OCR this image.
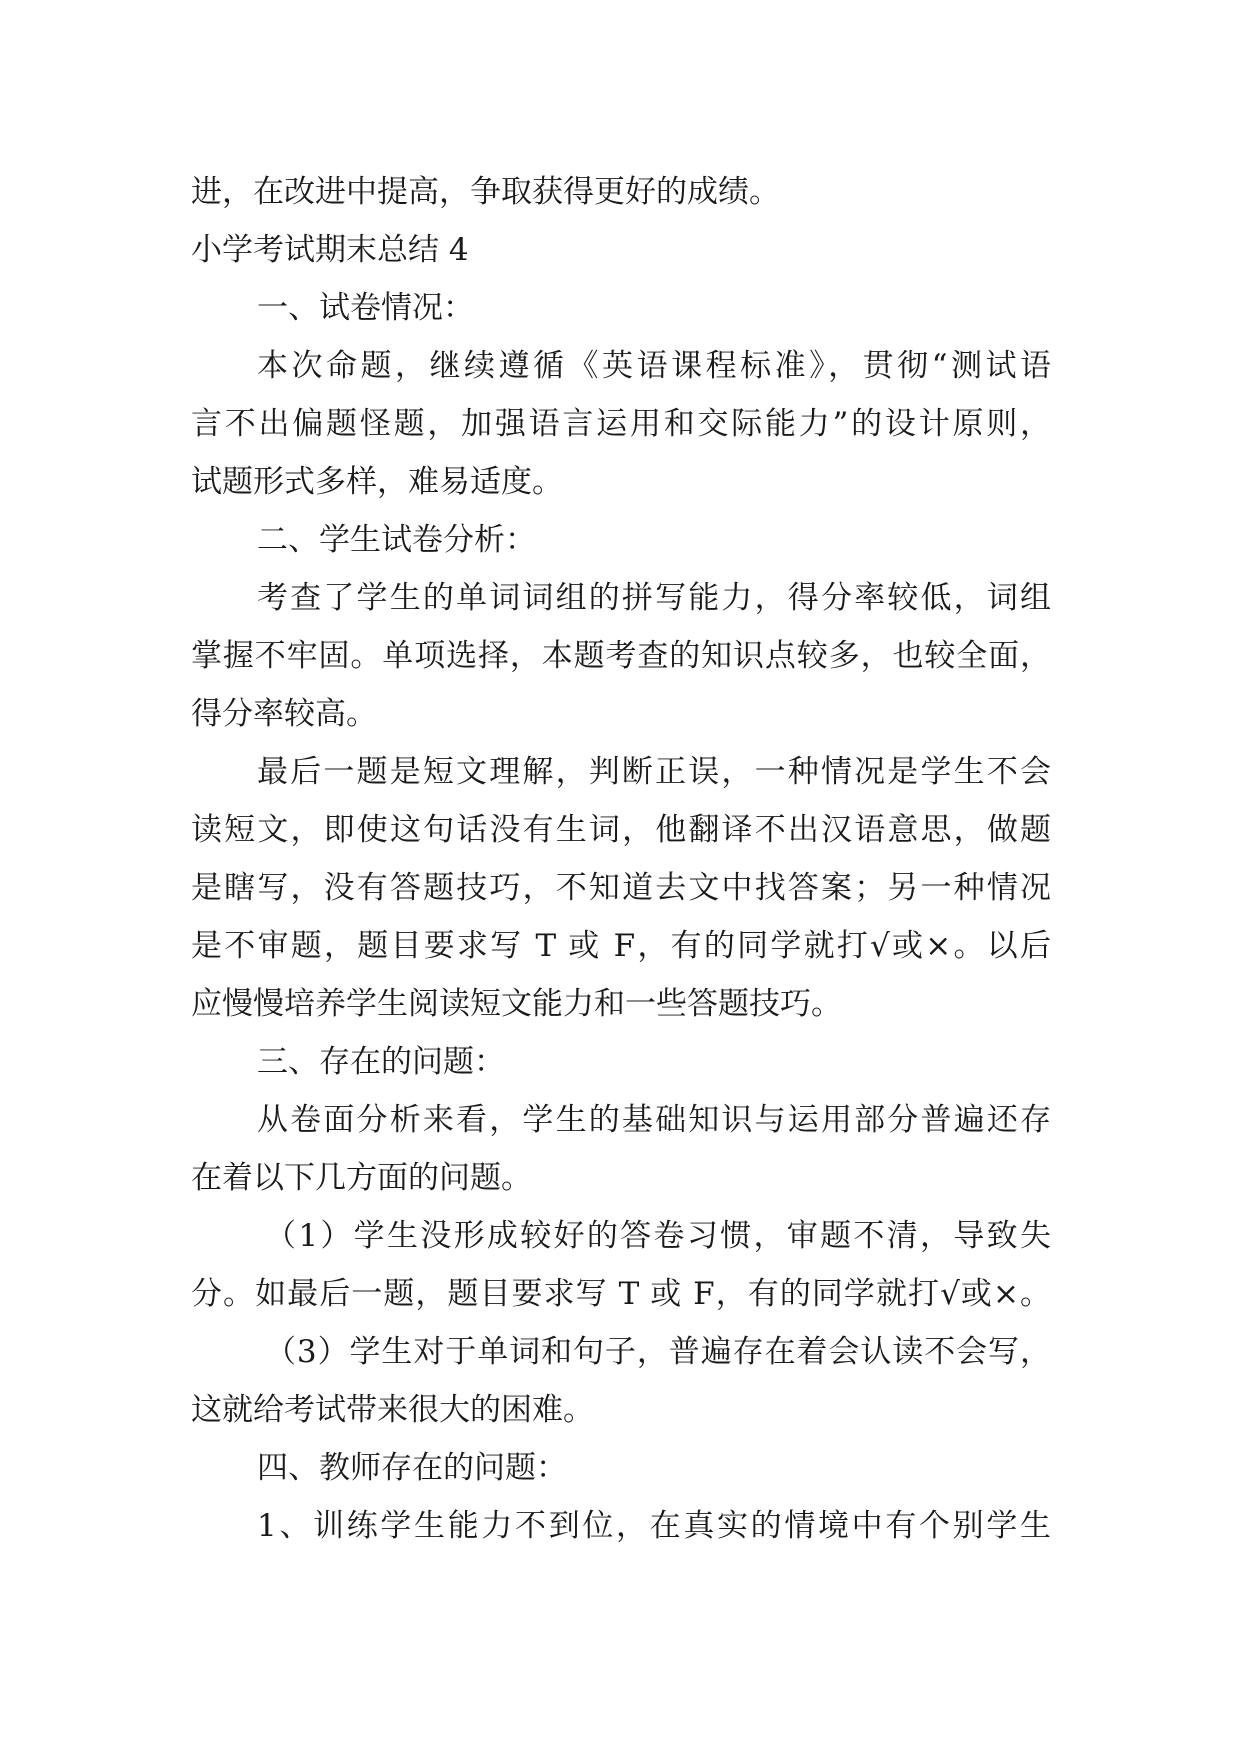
进，在改进中提高，争取获得更好的成绩。
小学考试期末总结 4
一、试卷情况：
本次命题，继续遵循《英语课程标准》，贯彻“测试语
言不出偏题怪题，加强语言运用和交际能力”的设计原则，
试题形式多样，难易适度。
二、学生试卷分析：
考查了学生的单词词组的拼写能力，得分率较低，词组
掌握不牢固。单项选择，本题考查的知识点较多，也较全面，
得分率较高。
最后一题是短文理解，判断正误，一种情况是学生不会
读短文，即使这句话没有生词，他翻译不出汉语意思，做题
是瞎写，没有答题技巧，不知道去文中找答案；另一种情况
是不审题，题目要求写 T 或 F，有的同学就打√或×。以后
应慢慢培养学生阅读短文能力和一些答题技巧。
三、存在的问题：
从卷面分析来看，学生的基础知识与运用部分普遍还存
在着以下几方面的问题。
（1）学生没形成较好的答卷习惯，审题不清，导致失
分。如最后一题，题目要求写 T 或 F，有的同学就打√或×。
（3）学生对于单词和句子，普遍存在着会认读不会写，
这就给考试带来很大的困难。
四、教师存在的问题：
1、训练学生能力不到位，在真实的情境中有个别学生
